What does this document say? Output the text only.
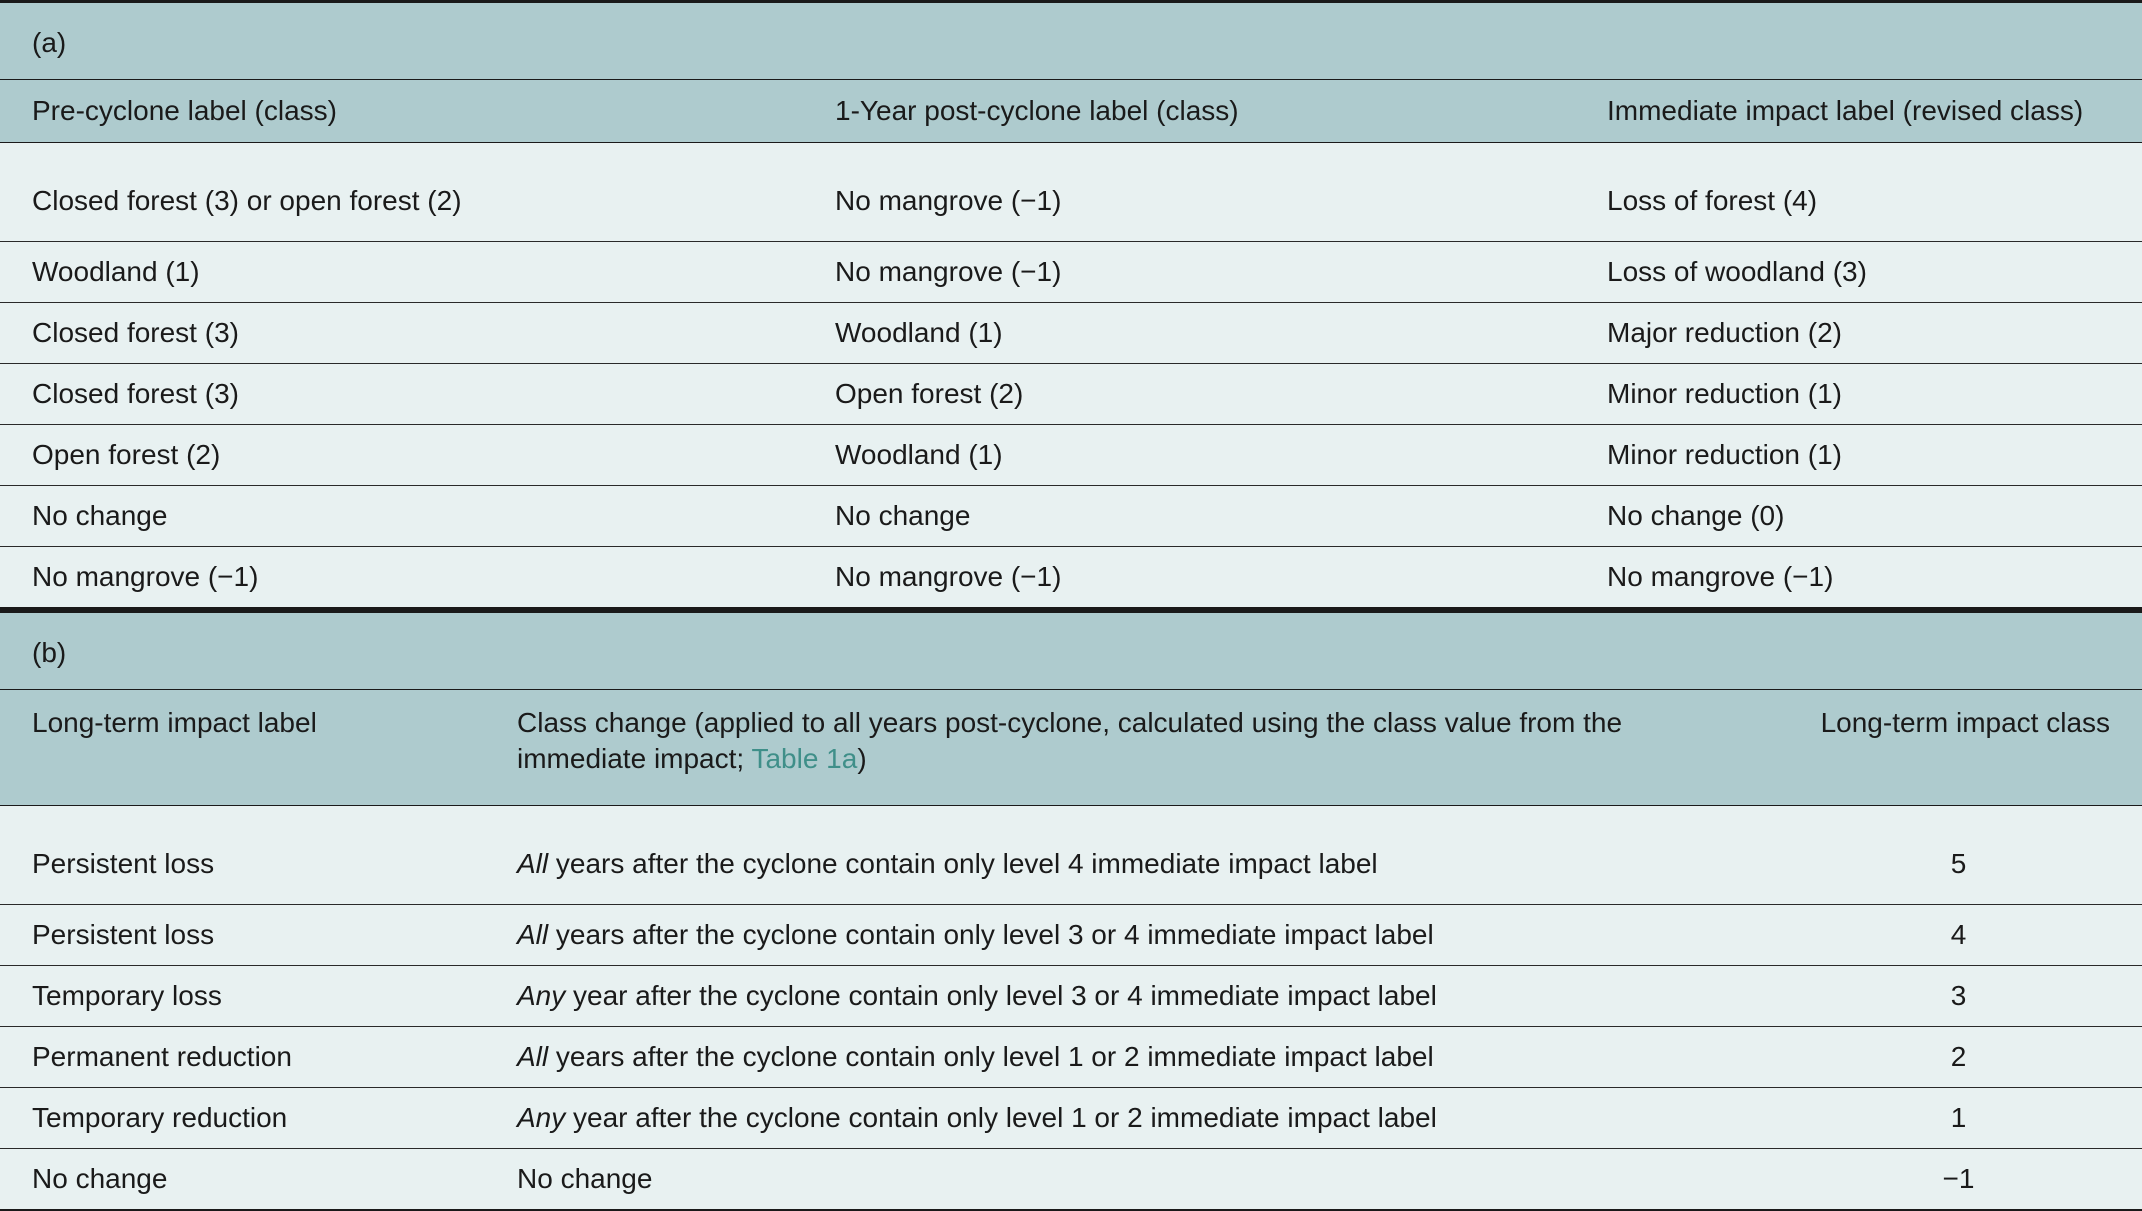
(a)		
Pre-cyclone label (class)	1-Year post-cyclone label (class)	Immediate impact label (revised class)
Closed forest (3) or open forest (2)	No mangrove (−1)	Loss of forest (4)
Woodland (1)	No mangrove (−1)	Loss of woodland (3)
Closed forest (3)	Woodland (1)	Major reduction (2)
Closed forest (3)	Open forest (2)	Minor reduction (1)
Open forest (2)	Woodland (1)	Minor reduction (1)
No change	No change	No change (0)
No mangrove (−1)	No mangrove (−1)	No mangrove (−1)
(b)		
Long-term impact label	Class change (applied to all years post-cyclone, calculated using the class value from the immediate impact; Table 1a)	Long-term impact class
Persistent loss	All years after the cyclone contain only level 4 immediate impact label	5
Persistent loss	All years after the cyclone contain only level 3 or 4 immediate impact label	4
Temporary loss	Any year after the cyclone contain only level 3 or 4 immediate impact label	3
Permanent reduction	All years after the cyclone contain only level 1 or 2 immediate impact label	2
Temporary reduction	Any year after the cyclone contain only level 1 or 2 immediate impact label	1
No change	No change	−1
